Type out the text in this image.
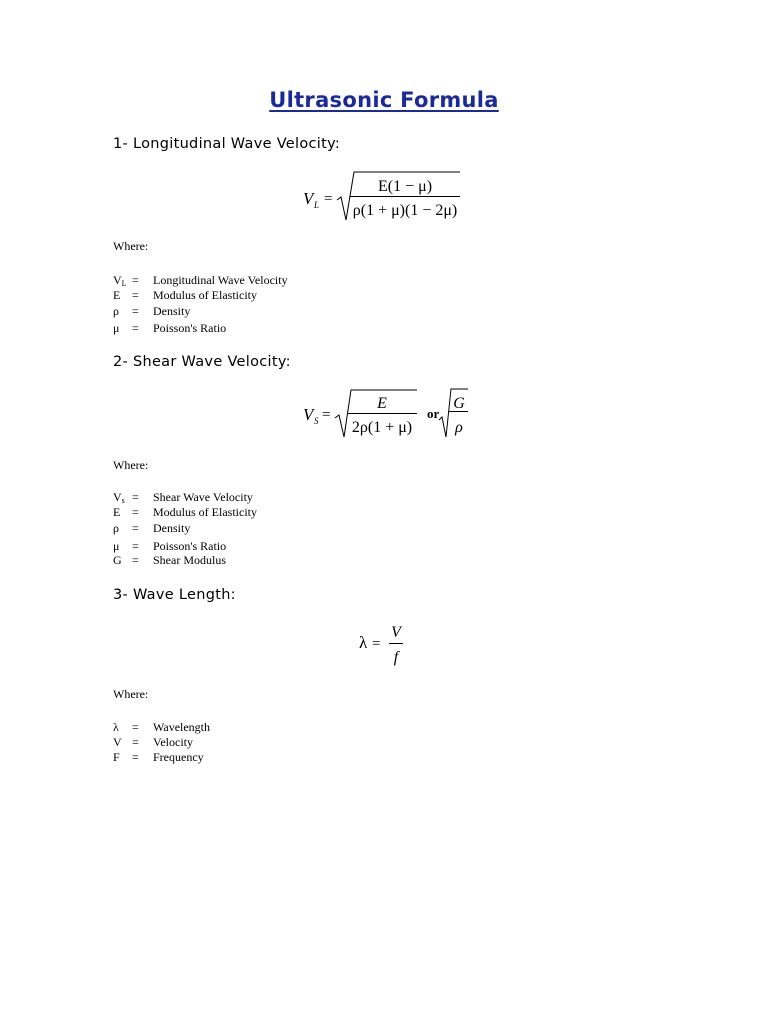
Ultrasonic Formula
1- Longitudinal Wave Velocity:
V L =
E(1 − μ)
ρ(1 + μ)(1 − 2μ)
Where:
$V_L$ = Longitudinal Wave Velocity
E = Modulus of Elasticity
ρ = Density
μ = Poisson's Ratio
2- Shear Wave Velocity:
V S =
E
2ρ(1 + μ)
or
G
ρ
Where:
$V_s$ = Shear Wave Velocity
E = Modulus of Elasticity
ρ = Density
μ = Poisson's Ratio
G = Shear Modulus
3- Wave Length:
λ =
V
f
Where:
λ = Wavelength
V = Velocity
F = Frequency
